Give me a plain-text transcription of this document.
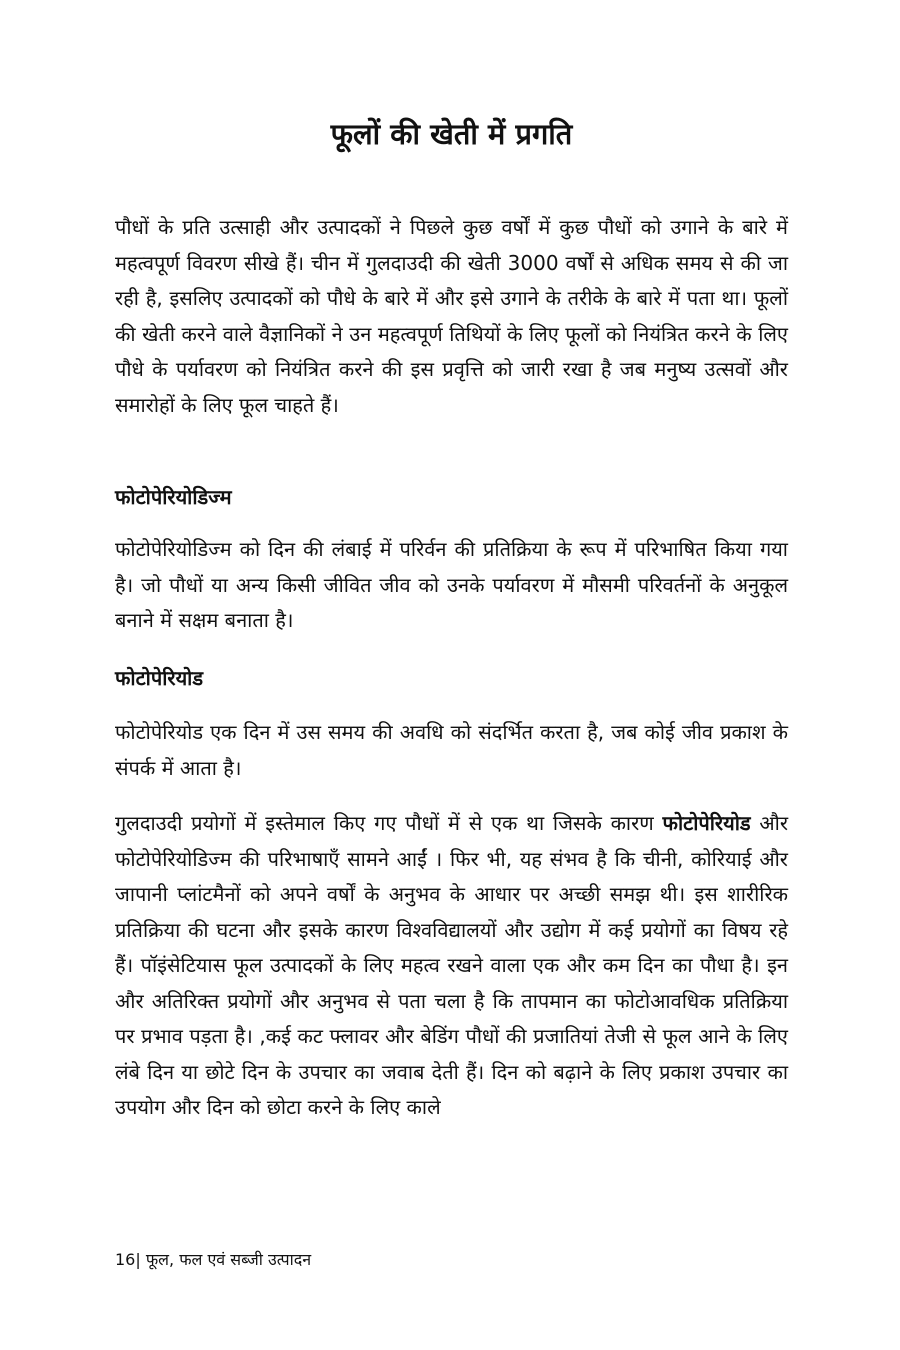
फूलों की खेती में प्रगति

पौधों के प्रति उत्साही और उत्पादकों ने पिछले कुछ वर्षों में कुछ पौधों को उगाने के बारे में महत्वपूर्ण विवरण सीखे हैं। चीन में गुलदाउदी की खेती 3000 वर्षों से अधिक समय से की जा रही है, इसलिए उत्पादकों को पौधे के बारे में और इसे उगाने के तरीके के बारे में पता था। फूलों की खेती करने वाले वैज्ञानिकों ने उन महत्वपूर्ण तिथियों के लिए फूलों को नियंत्रित करने के लिए पौधे के पर्यावरण को नियंत्रित करने की इस प्रवृत्ति को जारी रखा है जब मनुष्य उत्सवों और समारोहों के लिए फूल चाहते हैं।

फोटोपेरियोडिज्म

फोटोपेरियोडिज्म को दिन की लंबाई में परिर्वन की प्रतिक्रिया के रूप में परिभाषित किया गया है। जो पौधों या अन्य किसी जीवित जीव को उनके पर्यावरण में मौसमी परिवर्तनों के अनुकूल बनाने में सक्षम बनाता है।

फोटोपेरियोड

फोटोपेरियोड एक दिन में उस समय की अवधि को संदर्भित करता है, जब कोई जीव प्रकाश के संपर्क में आता है।

गुलदाउदी प्रयोगों में इस्तेमाल किए गए पौधों में से एक था जिसके कारण फोटोपेरियोड और फोटोपेरियोडिज्म की परिभाषाएँ सामने आईं । फिर भी, यह संभव है कि चीनी, कोरियाई और जापानी प्लांटमैनों को अपने वर्षों के अनुभव के आधार पर अच्छी समझ थी। इस शारीरिक प्रतिक्रिया की घटना और इसके कारण विश्वविद्यालयों और उद्योग में कई प्रयोगों का विषय रहे हैं। पॉइंसेटियास फूल उत्पादकों के लिए महत्व रखने वाला एक और कम दिन का पौधा है। इन और अतिरिक्त प्रयोगों और अनुभव से पता चला है कि तापमान का फोटोआवधिक प्रतिक्रिया पर प्रभाव पड़ता है। ,कई कट फ्लावर और बेडिंग पौधों की प्रजातियां तेजी से फूल आने के लिए लंबे दिन या छोटे दिन के उपचार का जवाब देती हैं। दिन को बढ़ाने के लिए प्रकाश उपचार का उपयोग और दिन को छोटा करने के लिए काले

16| फूल, फल एवं सब्जी उत्पादन
